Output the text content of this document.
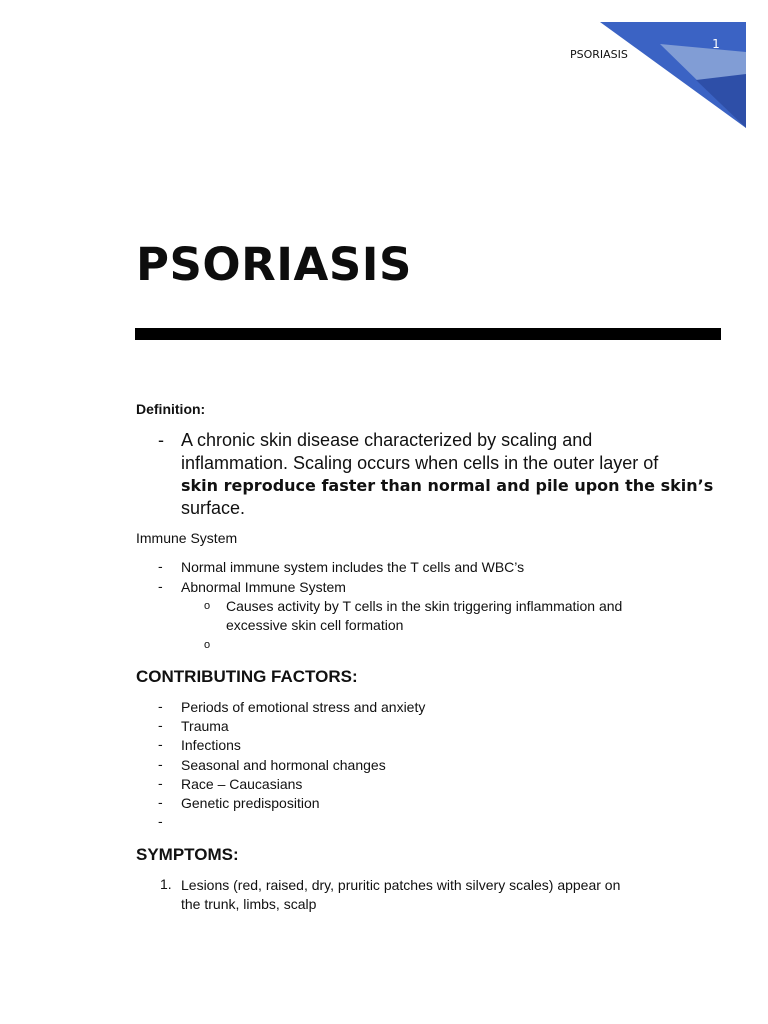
1
PSORIASIS
PSORIASIS
Definition:
- A chronic skin disease characterized by scaling and
inflammation. Scaling occurs when cells in the outer layer of
skin reproduce faster than normal and pile upon the skin’s
surface.
Immune System
- Normal immune system includes the T cells and WBC’s
- Abnormal Immune System
o Causes activity by T cells in the skin triggering inflammation and
excessive skin cell formation
o
CONTRIBUTING FACTORS:
- Periods of emotional stress and anxiety
- Trauma
- Infections
- Seasonal and hormonal changes
- Race – Caucasians
- Genetic predisposition
-
SYMPTOMS:
1. Lesions (red, raised, dry, pruritic patches with silvery scales) appear on
the trunk, limbs, scalp
